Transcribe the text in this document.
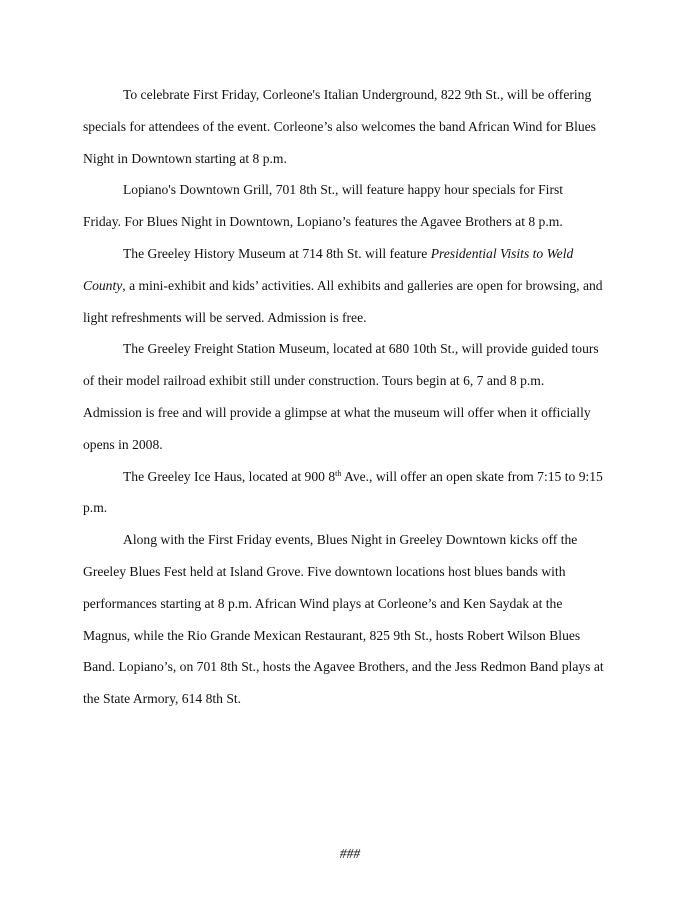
To celebrate First Friday, Corleone's Italian Underground, 822 9th St., will be offering
specials for attendees of the event. Corleone’s also welcomes the band African Wind for Blues
Night in Downtown starting at 8 p.m.

Lopiano's Downtown Grill, 701 8th St., will feature happy hour specials for First
Friday. For Blues Night in Downtown, Lopiano’s features the Agavee Brothers at 8 p.m.

The Greeley History Museum at 714 8th St. will feature Presidential Visits to Weld
County, a mini-exhibit and kids’ activities. All exhibits and galleries are open for browsing, and
light refreshments will be served. Admission is free.

The Greeley Freight Station Museum, located at 680 10th St., will provide guided tours
of their model railroad exhibit still under construction. Tours begin at 6, 7 and 8 p.m.
Admission is free and will provide a glimpse at what the museum will offer when it officially
opens in 2008.

The Greeley Ice Haus, located at 900 8th Ave., will offer an open skate from 7:15 to 9:15
p.m.

Along with the First Friday events, Blues Night in Greeley Downtown kicks off the
Greeley Blues Fest held at Island Grove. Five downtown locations host blues bands with
performances starting at 8 p.m. African Wind plays at Corleone’s and Ken Saydak at the
Magnus, while the Rio Grande Mexican Restaurant, 825 9th St., hosts Robert Wilson Blues
Band. Lopiano’s, on 701 8th St., hosts the Agavee Brothers, and the Jess Redmon Band plays at
the State Armory, 614 8th St.

###
